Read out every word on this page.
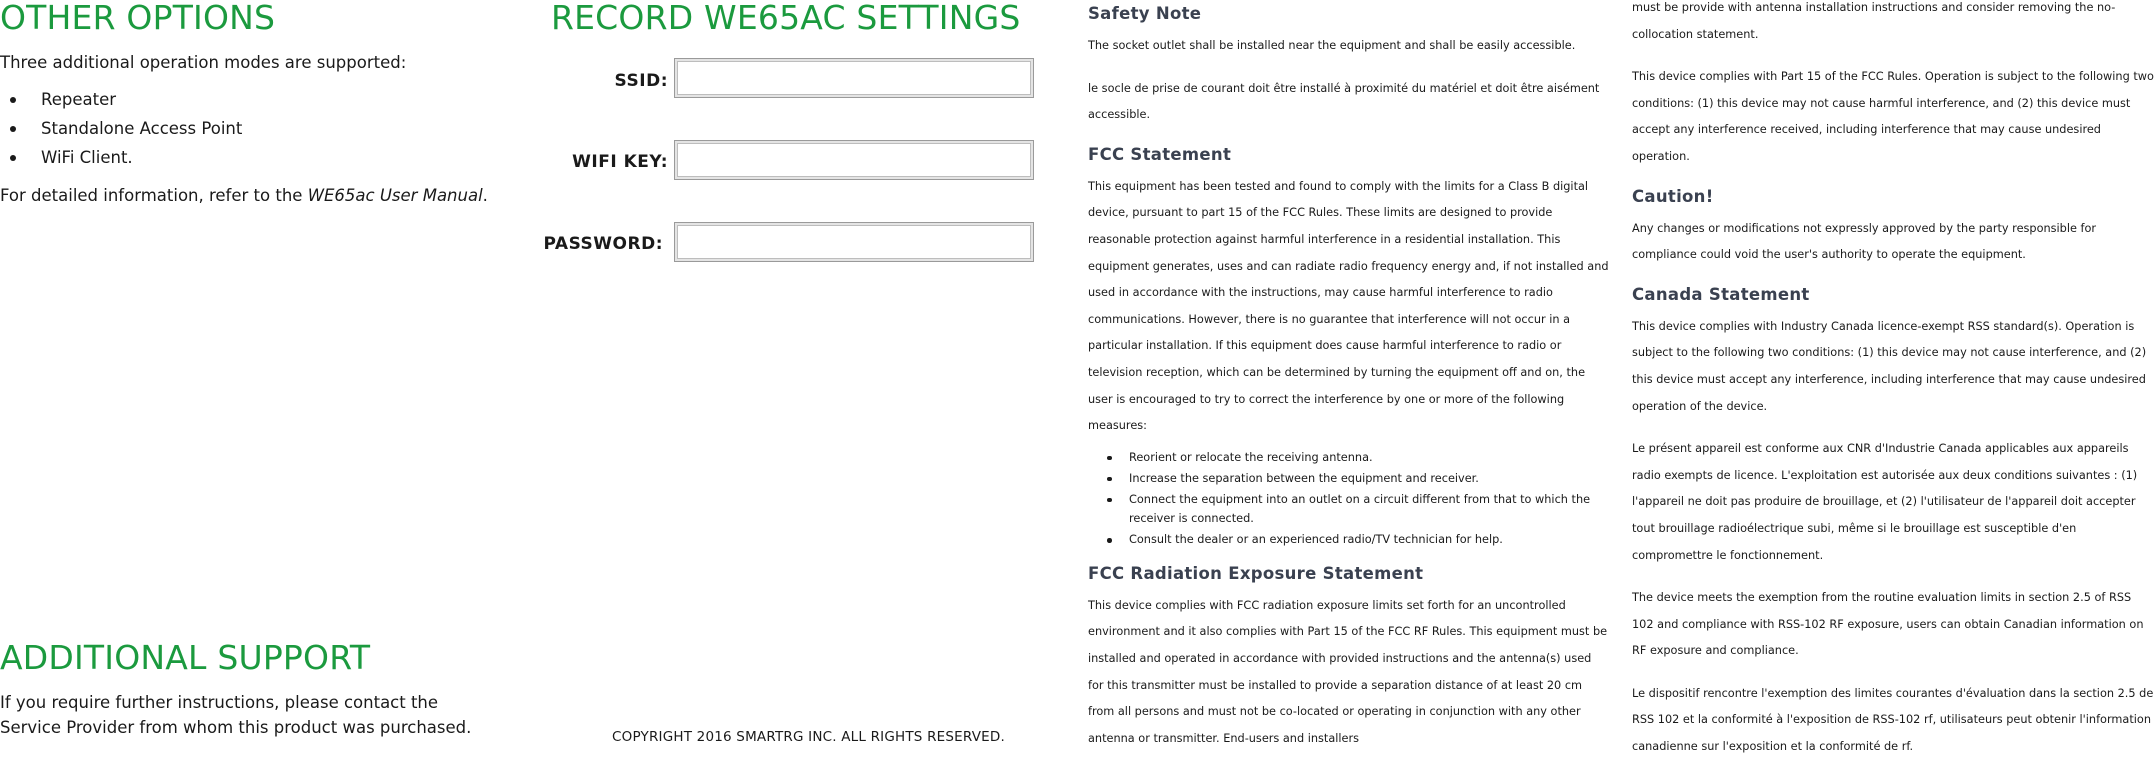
OTHER OPTIONS

Three additional operation modes are supported:

Repeater
Standalone Access Point
WiFi Client.

For detailed information, refer to the WE65ac User Manual.

ADDITIONAL SUPPORT

If you require further instructions, please contact the Service Provider from whom this product was purchased.

RECORD WE65AC SETTINGS
SSID:
WIFI KEY:
PASSWORD:
COPYRIGHT 2016 SMARTRG INC. ALL RIGHTS RESERVED.
Safety Note

The socket outlet shall be installed near the equipment and shall be easily accessible.

le socle de prise de courant doit être installé à proximité du matériel et doit être aisément accessible.

FCC Statement

This equipment has been tested and found to comply with the limits for a Class B digital device, pursuant to part 15 of the FCC Rules. These limits are designed to provide reasonable protection against harmful interference in a residential installation. This equipment generates, uses and can radiate radio frequency energy and, if not installed and used in accordance with the instructions, may cause harmful interference to radio communications. However, there is no guarantee that interference will not occur in a particular installation. If this equipment does cause harmful interference to radio or television reception, which can be determined by turning the equipment off and on, the user is encouraged to try to correct the interference by one or more of the following measures:

Reorient or relocate the receiving antenna.
Increase the separation between the equipment and receiver.
Connect the equipment into an outlet on a circuit different from that to which the receiver is connected.
Consult the dealer or an experienced radio/TV technician for help.
FCC Radiation Exposure Statement

This device complies with FCC radiation exposure limits set forth for an uncontrolled environment and it also complies with Part 15 of the FCC RF Rules. This equipment must be installed and operated in accordance with provided instructions and the antenna(s) used for this transmitter must be installed to provide a separation distance of at least 20 cm from all persons and must not be co-located or operating in conjunction with any other antenna or transmitter. End-users and installers

must be provide with antenna installation instructions and consider removing the no-collocation statement.

This device complies with Part 15 of the FCC Rules. Operation is subject to the following two conditions: (1) this device may not cause harmful interference, and (2) this device must accept any interference received, including interference that may cause undesired operation.

Caution!

Any changes or modifications not expressly approved by the party responsible for compliance could void the user's authority to operate the equipment.

Canada Statement

This device complies with Industry Canada licence-exempt RSS standard(s). Operation is subject to the following two conditions: (1) this device may not cause interference, and (2) this device must accept any interference, including interference that may cause undesired operation of the device.

Le présent appareil est conforme aux CNR d'Industrie Canada applicables aux appareils radio exempts de licence. L'exploitation est autorisée aux deux conditions suivantes : (1) l'appareil ne doit pas produire de brouillage, et (2) l'utilisateur de l'appareil doit accepter tout brouillage radioélectrique subi, même si le brouillage est susceptible d'en compromettre le fonctionnement.

The device meets the exemption from the routine evaluation limits in section 2.5 of RSS 102 and compliance with RSS-102 RF exposure, users can obtain Canadian information on RF exposure and compliance.

Le dispositif rencontre l'exemption des limites courantes d'évaluation dans la section 2.5 de RSS 102 et la conformité à l'exposition de RSS-102 rf, utilisateurs peut obtenir l'information canadienne sur l'exposition et la conformité de rf.
